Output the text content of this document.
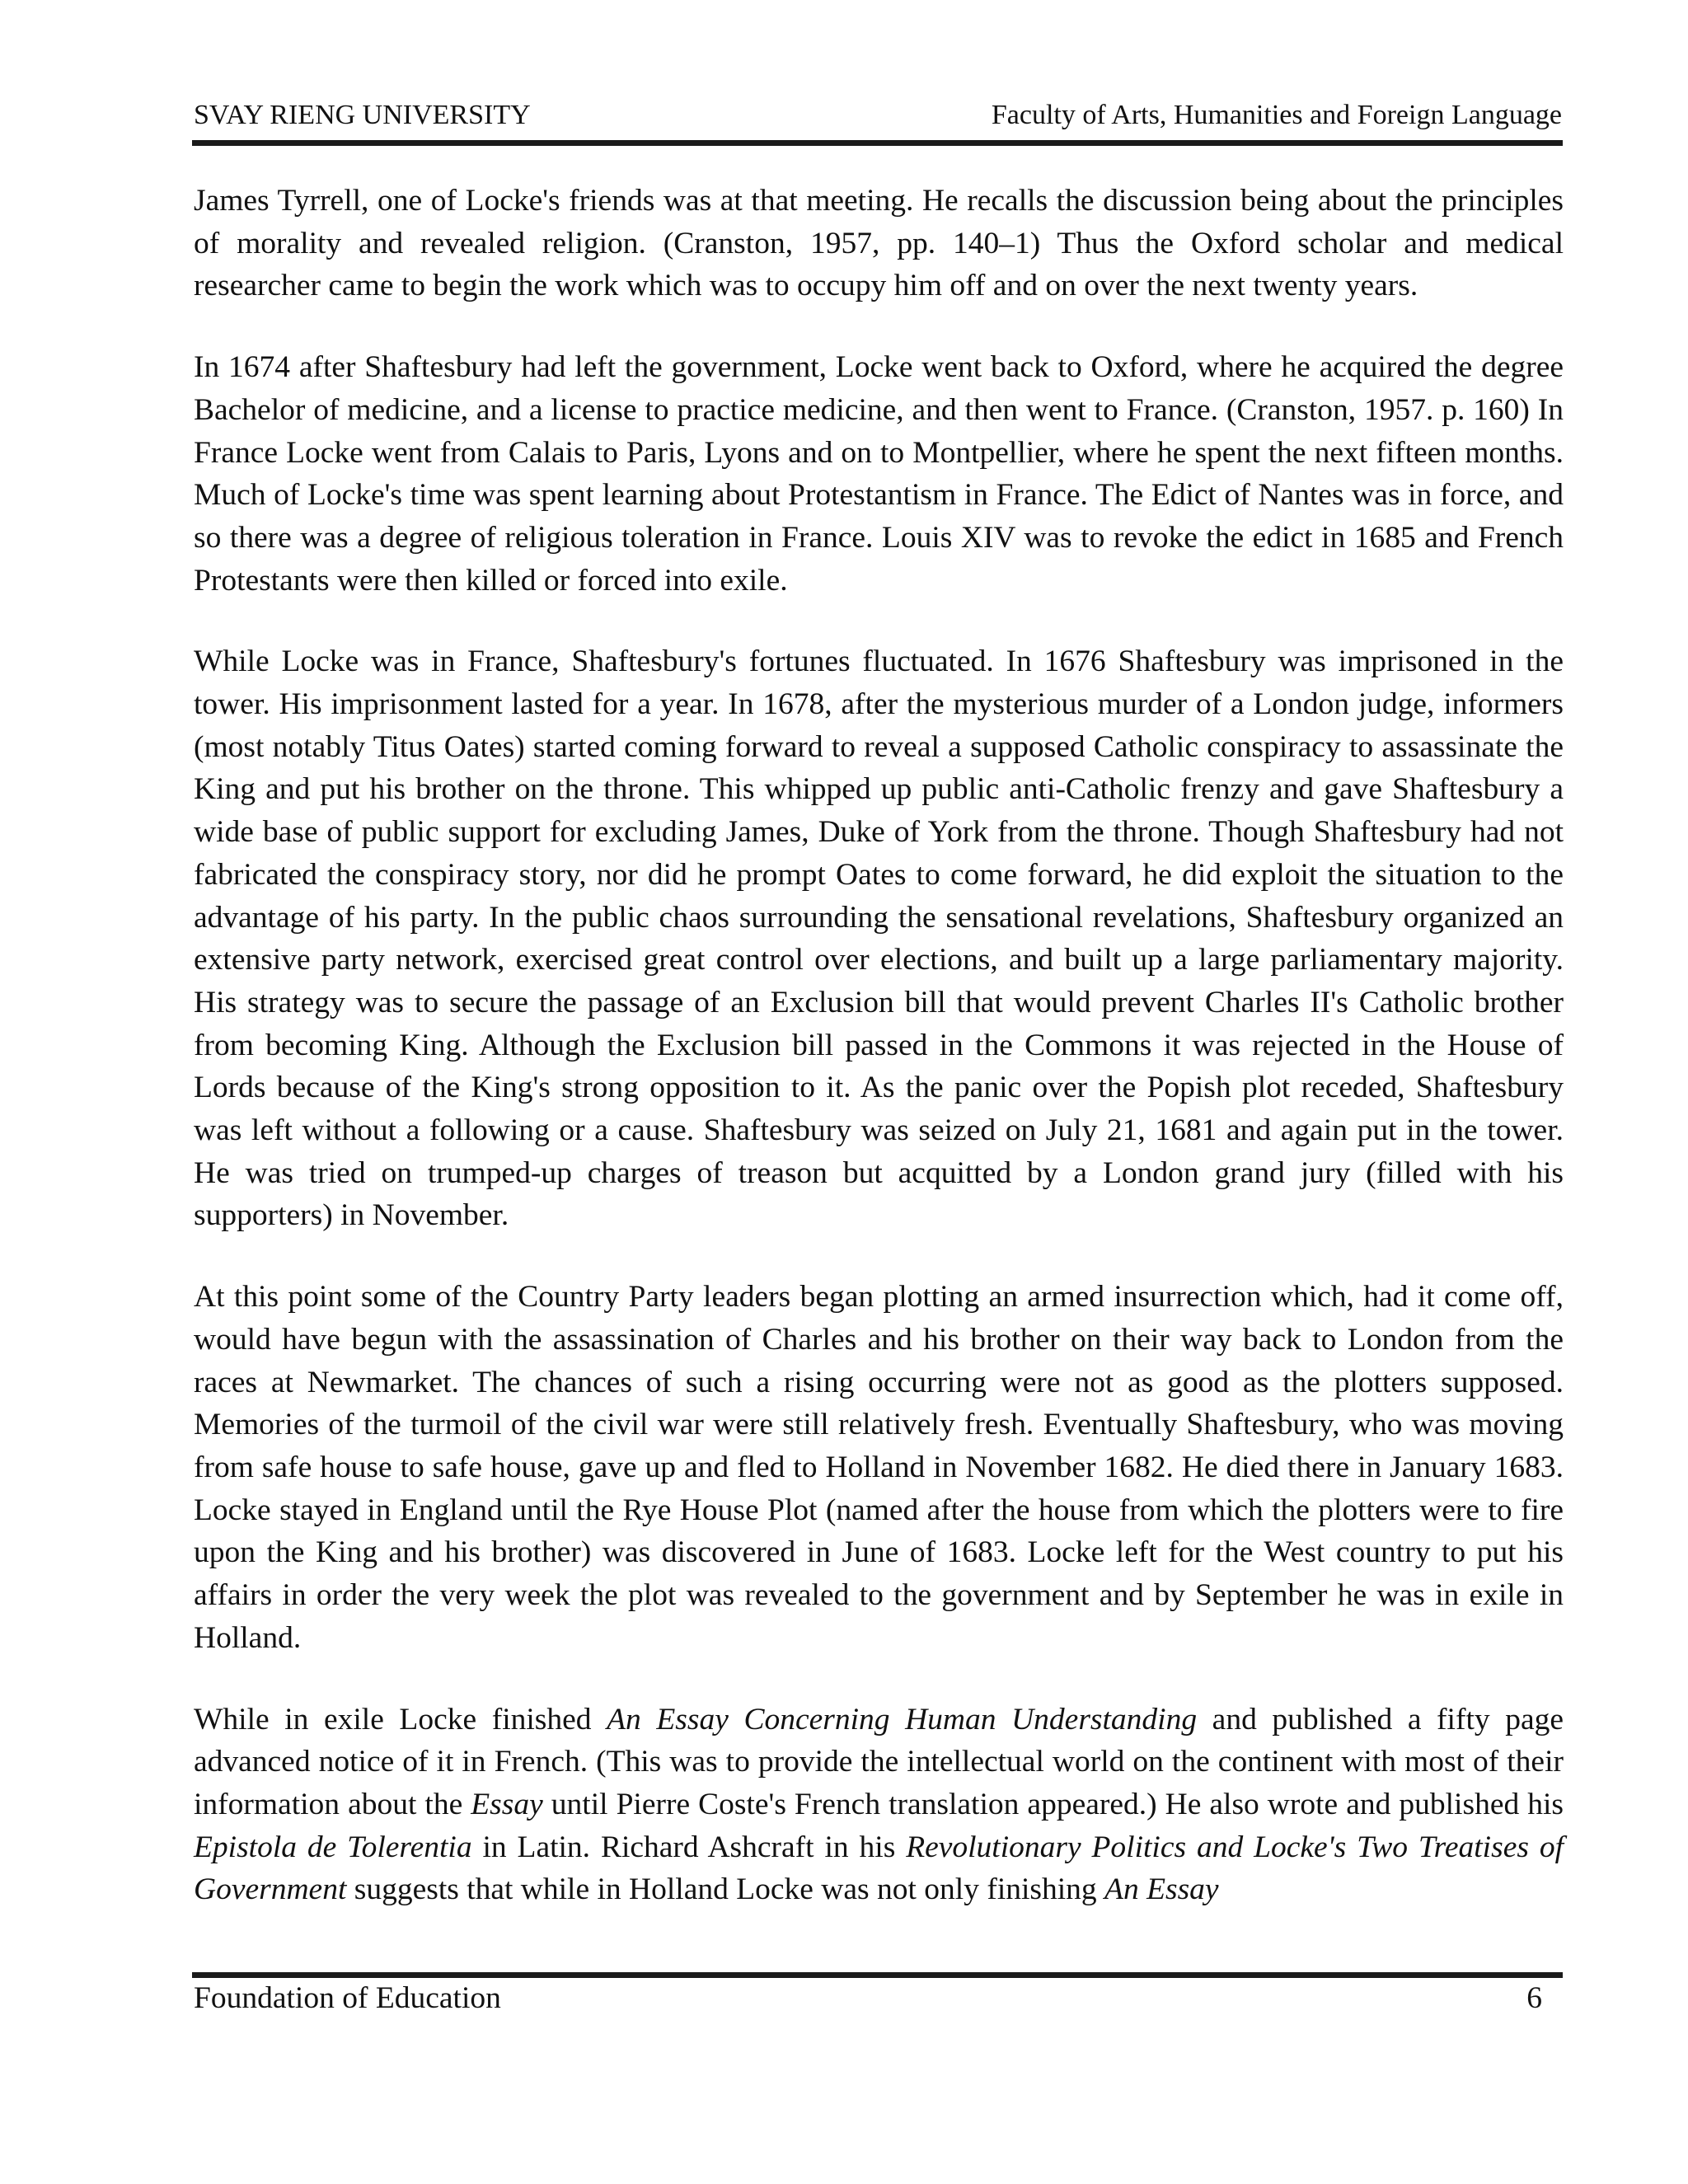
SVAY RIENG UNIVERSITY	Faculty of Arts, Humanities and Foreign Language

James Tyrrell, one of Locke's friends was at that meeting. He recalls the discussion being about the principles of morality and revealed religion. (Cranston, 1957, pp. 140–1) Thus the Oxford scholar and medical researcher came to begin the work which was to occupy him off and on over the next twenty years.

In 1674 after Shaftesbury had left the government, Locke went back to Oxford, where he acquired the degree Bachelor of medicine, and a license to practice medicine, and then went to France. (Cranston, 1957. p. 160) In France Locke went from Calais to Paris, Lyons and on to Montpellier, where he spent the next fifteen months. Much of Locke's time was spent learning about Protestantism in France. The Edict of Nantes was in force, and so there was a degree of religious toleration in France. Louis XIV was to revoke the edict in 1685 and French Protestants were then killed or forced into exile.

While Locke was in France, Shaftesbury's fortunes fluctuated. In 1676 Shaftesbury was imprisoned in the tower. His imprisonment lasted for a year. In 1678, after the mysterious murder of a London judge, informers (most notably Titus Oates) started coming forward to reveal a supposed Catholic conspiracy to assassinate the King and put his brother on the throne. This whipped up public anti-Catholic frenzy and gave Shaftesbury a wide base of public support for excluding James, Duke of York from the throne. Though Shaftesbury had not fabricated the conspiracy story, nor did he prompt Oates to come forward, he did exploit the situation to the advantage of his party. In the public chaos surrounding the sensational revelations, Shaftesbury organized an extensive party network, exercised great control over elections, and built up a large parliamentary majority. His strategy was to secure the passage of an Exclusion bill that would prevent Charles II's Catholic brother from becoming King. Although the Exclusion bill passed in the Commons it was rejected in the House of Lords because of the King's strong opposition to it. As the panic over the Popish plot receded, Shaftesbury was left without a following or a cause. Shaftesbury was seized on July 21, 1681 and again put in the tower. He was tried on trumped-up charges of treason but acquitted by a London grand jury (filled with his supporters) in November.

At this point some of the Country Party leaders began plotting an armed insurrection which, had it come off, would have begun with the assassination of Charles and his brother on their way back to London from the races at Newmarket. The chances of such a rising occurring were not as good as the plotters supposed. Memories of the turmoil of the civil war were still relatively fresh. Eventually Shaftesbury, who was moving from safe house to safe house, gave up and fled to Holland in November 1682. He died there in January 1683. Locke stayed in England until the Rye House Plot (named after the house from which the plotters were to fire upon the King and his brother) was discovered in June of 1683. Locke left for the West country to put his affairs in order the very week the plot was revealed to the government and by September he was in exile in Holland.

While in exile Locke finished An Essay Concerning Human Understanding and published a fifty page advanced notice of it in French. (This was to provide the intellectual world on the continent with most of their information about the Essay until Pierre Coste's French translation appeared.) He also wrote and published his Epistola de Tolerentia in Latin. Richard Ashcraft in his Revolutionary Politics and Locke's Two Treatises of Government suggests that while in Holland Locke was not only finishing An Essay

Foundation of Education	6
